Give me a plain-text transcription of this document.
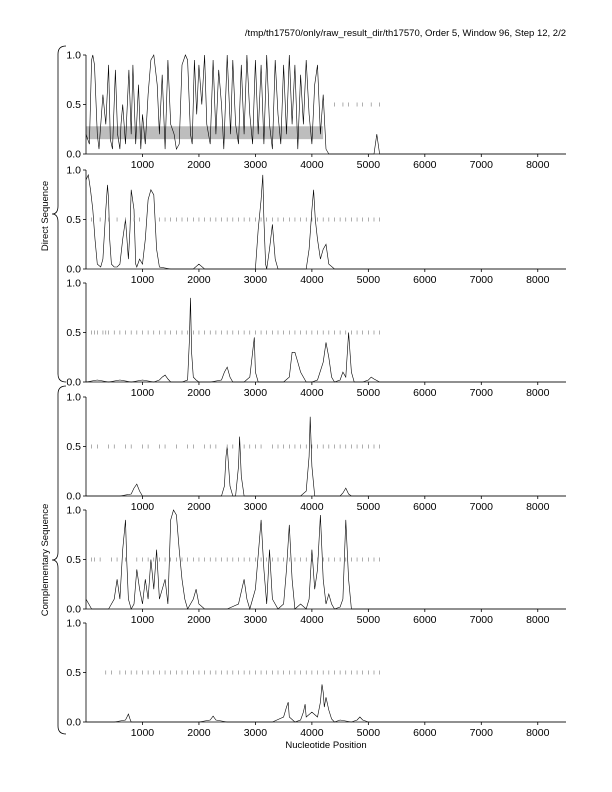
/tmp/th17570/only/raw_result_dir/th17570, Order 5, Window 96, Step 12, 2/2
0.0
0.5
1.0
1000	2000	3000	4000	5000	6000	7000	8000
0.0
0.5
1.0
1000	2000	3000	4000	5000	6000	7000	8000
0.0
0.5
1.0
1000	2000	3000	4000	5000	6000	7000	8000
0.0
0.5
1.0
1000	2000	3000	4000	5000	6000	7000	8000
0.0
0.5
1.0
1000	2000	3000	4000	5000	6000	7000	8000
0.0
0.5
1.0
1000	2000	3000	4000	5000	6000	7000	8000
Direct Sequence
Complementary Sequence
Nucleotide Position
